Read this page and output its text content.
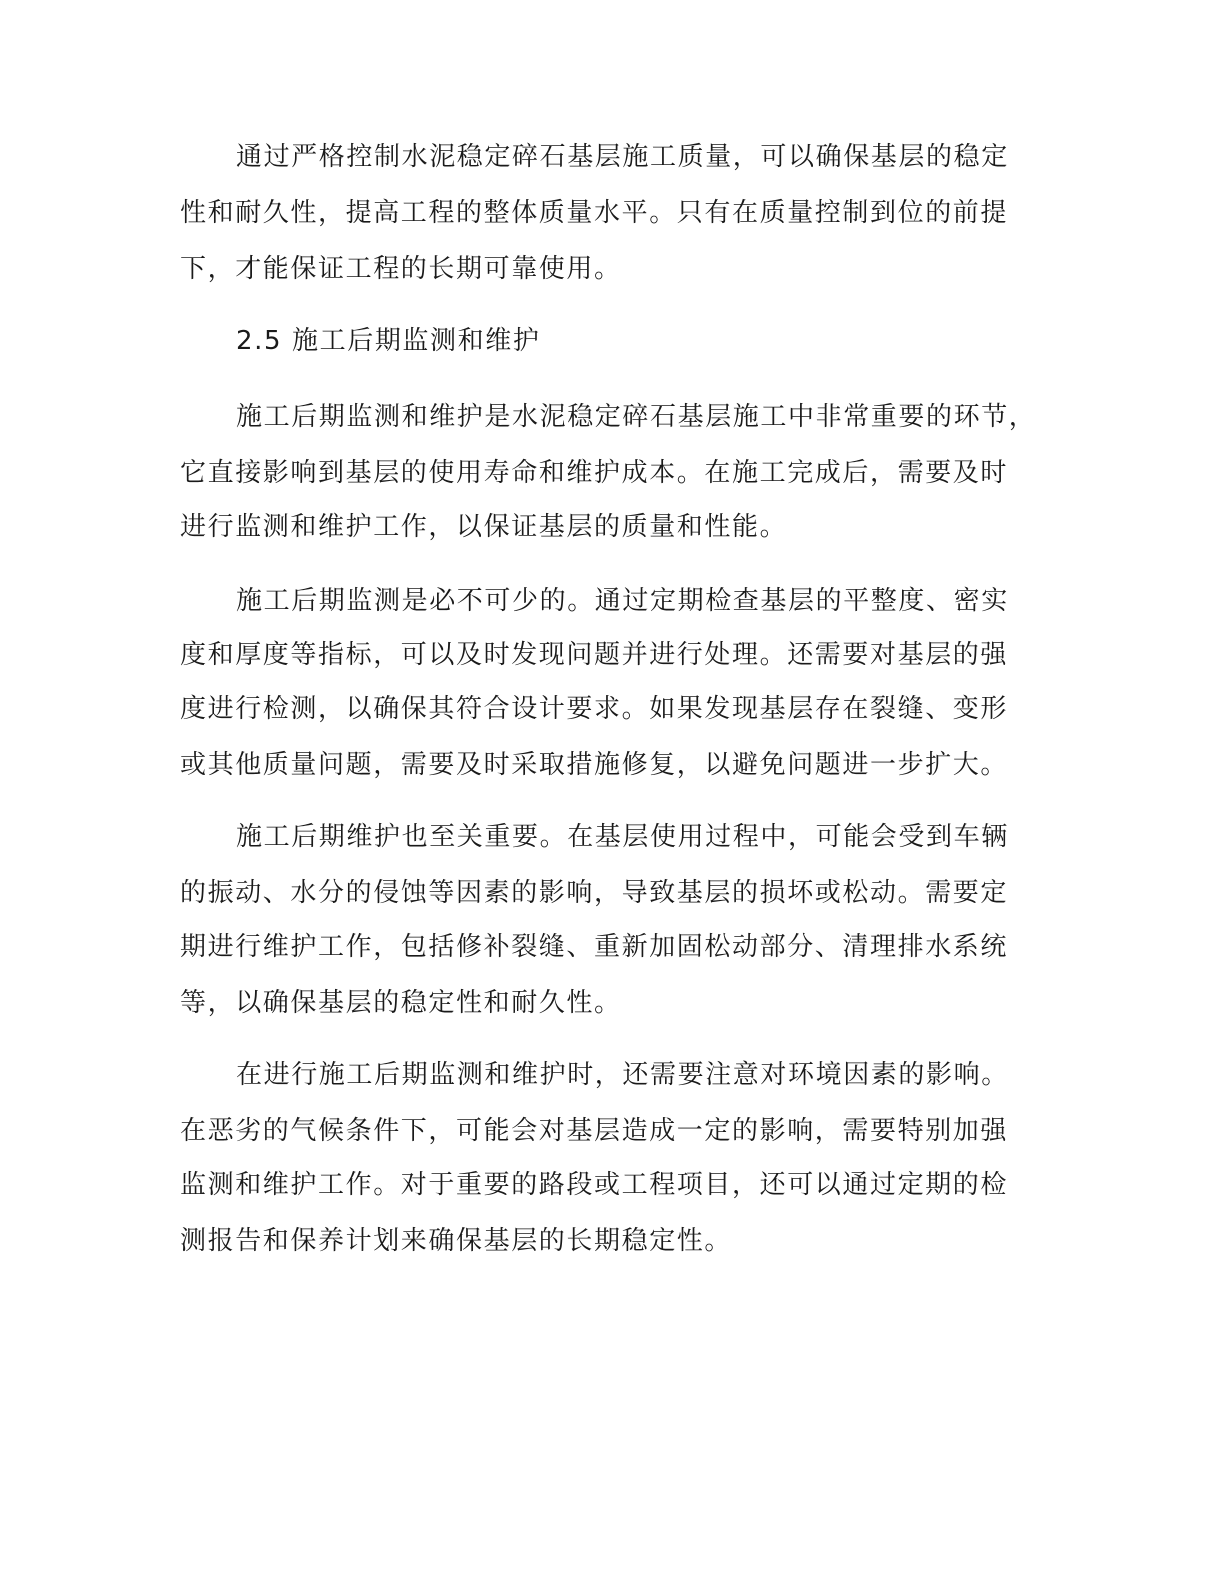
通过严格控制水泥稳定碎石基层施工质量，可以确保基层的稳定
性和耐久性，提高工程的整体质量水平。只有在质量控制到位的前提
下，才能保证工程的长期可靠使用。
2.5 施工后期监测和维护
施工后期监测和维护是水泥稳定碎石基层施工中非常重要的环节，
它直接影响到基层的使用寿命和维护成本。在施工完成后，需要及时
进行监测和维护工作，以保证基层的质量和性能。
施工后期监测是必不可少的。通过定期检查基层的平整度、密实
度和厚度等指标，可以及时发现问题并进行处理。还需要对基层的强
度进行检测，以确保其符合设计要求。如果发现基层存在裂缝、变形
或其他质量问题，需要及时采取措施修复，以避免问题进一步扩大。
施工后期维护也至关重要。在基层使用过程中，可能会受到车辆
的振动、水分的侵蚀等因素的影响，导致基层的损坏或松动。需要定
期进行维护工作，包括修补裂缝、重新加固松动部分、清理排水系统
等，以确保基层的稳定性和耐久性。
在进行施工后期监测和维护时，还需要注意对环境因素的影响。
在恶劣的气候条件下，可能会对基层造成一定的影响，需要特别加强
监测和维护工作。对于重要的路段或工程项目，还可以通过定期的检
测报告和保养计划来确保基层的长期稳定性。
